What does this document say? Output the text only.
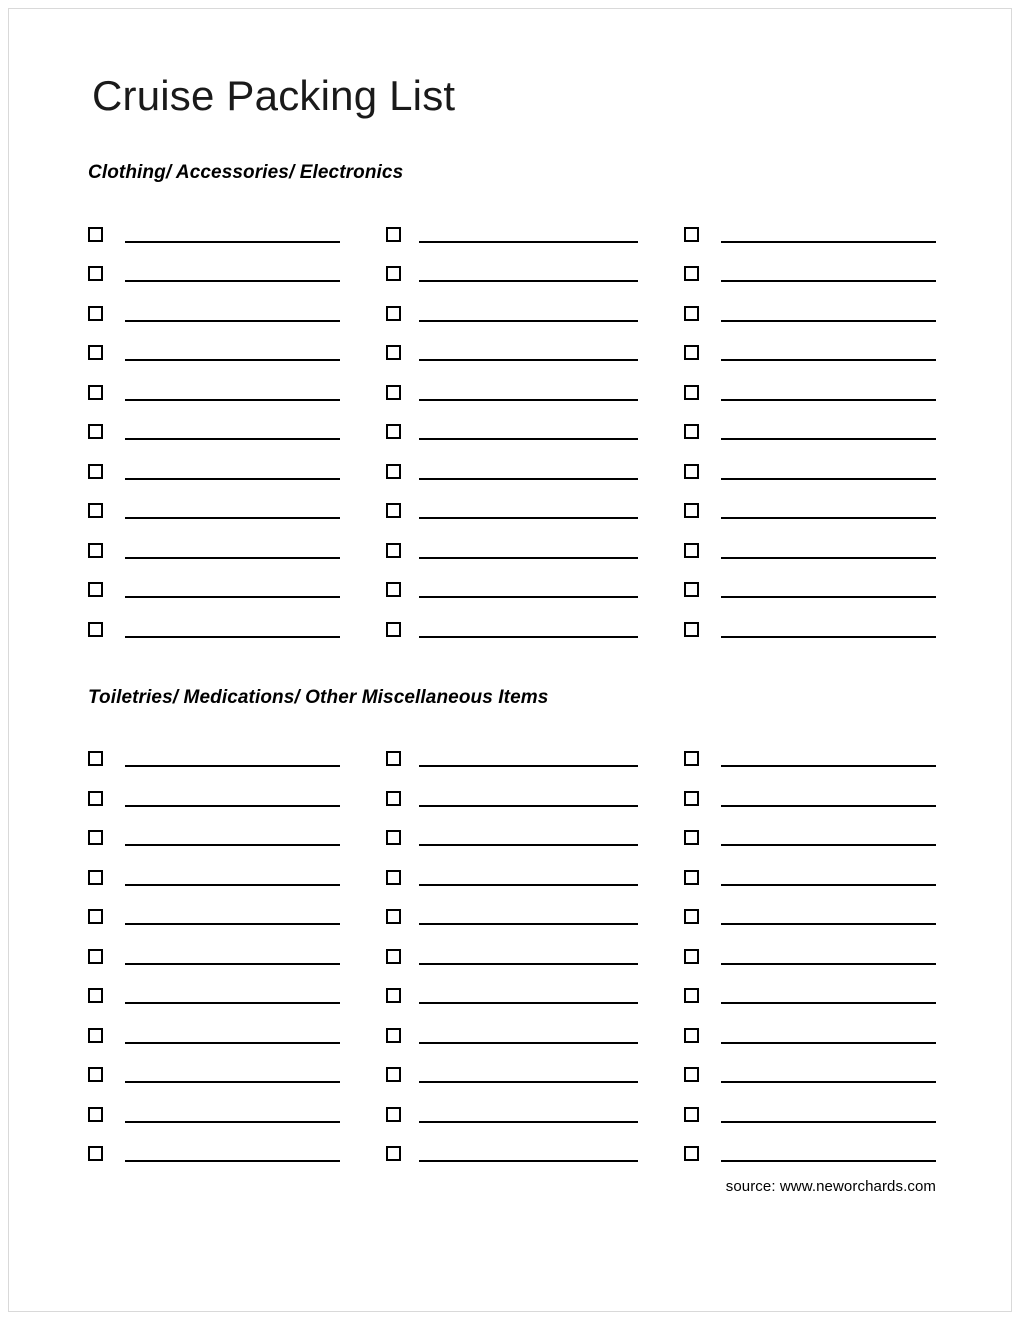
Cruise Packing List
Clothing/ Accessories/ Electronics
Toiletries/ Medications/ Other Miscellaneous Items
source: www.neworchards.com
